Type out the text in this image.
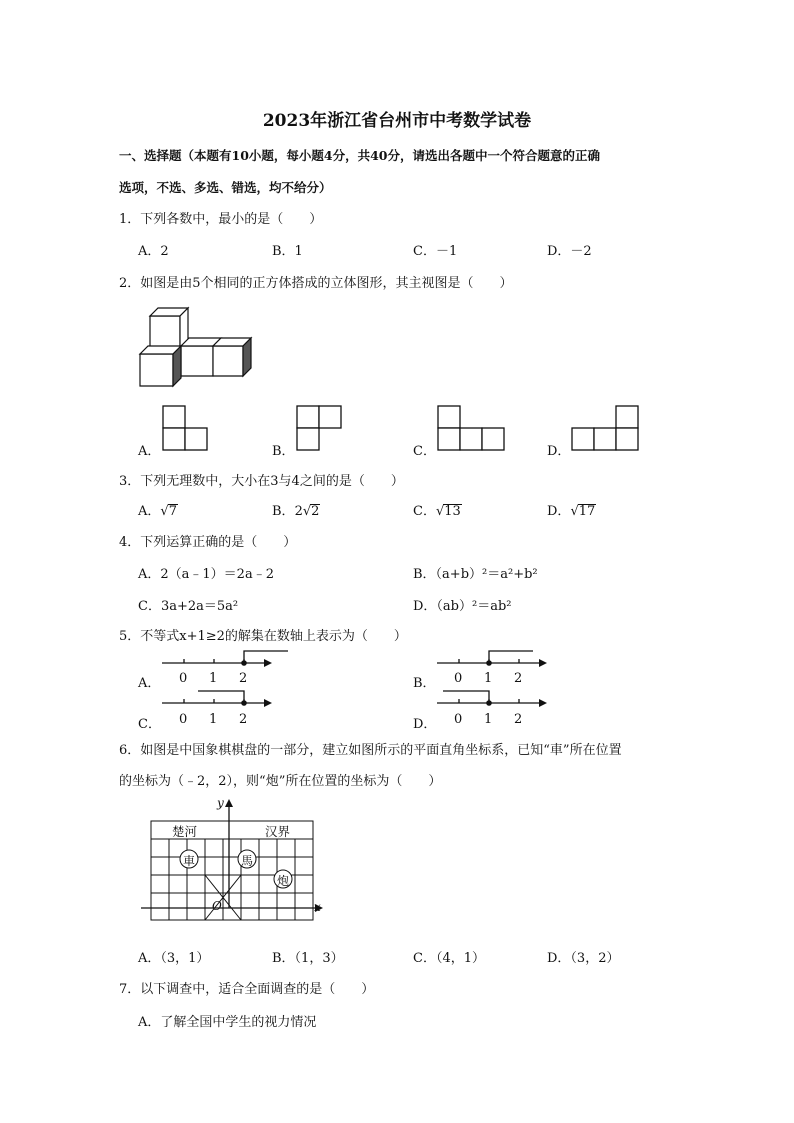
2023年浙江省台州市中考数学试卷
一、选择题（本题有10小题，每小题4分，共40分，请选出各题中一个符合题意的正确
选项，不选、多选、错选，均不给分）
1．下列各数中，最小的是（　　）
A．2	B．1	C．－1	D．－2
2．如图是由5个相同的正方体搭成的立体图形，其主视图是（　　）
A．	B．	C．	D．
3．下列无理数中，大小在3与4之间的是（　　）
A．√7	B．2√2	C．√13	D．√17
4．下列运算正确的是（　　）
A．2（a﹣1）＝2a﹣2	B．（a+b）²＝a²+b²
C．3a+2a＝5a²	D．（ab）²＝ab²
5．不等式x+1≥2的解集在数轴上表示为（　　）
A． 0 1 2	B． 0 1 2
C． 0 1 2	D． 0 1 2
6．如图是中国象棋棋盘的一部分，建立如图所示的平面直角坐标系，已知“車”所在位置
的坐标为（﹣2，2），则“炮”所在位置的坐标为（　　）
楚河	汉界
車	馬
炮
y
x
O
A．（3，1）	B．（1，3）	C．（4，1）	D．（3，2）
7．以下调查中，适合全面调查的是（　　）
A．了解全国中学生的视力情况
